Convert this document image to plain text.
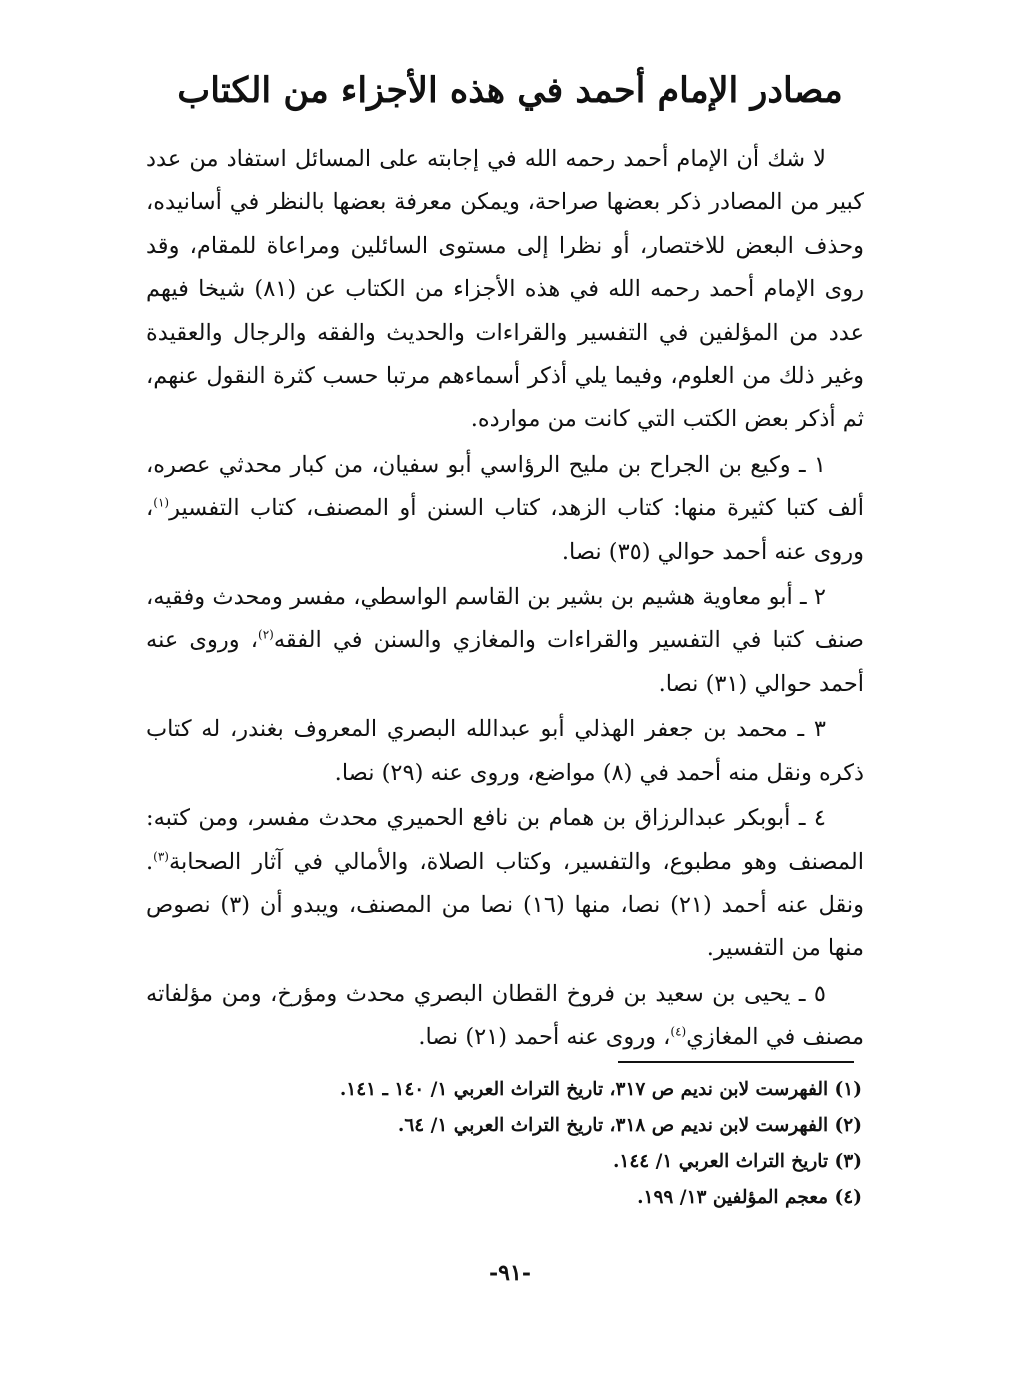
مصادر الإمام أحمد في هذه الأجزاء من الكتاب

لا شك أن الإمام أحمد رحمه الله في إجابته على المسائل استفاد من عدد كبير من المصادر ذكر بعضها صراحة، ويمكن معرفة بعضها بالنظر في أسانيده، وحذف البعض للاختصار، أو نظرا إلى مستوى السائلين ومراعاة للمقام، وقد روى الإمام أحمد رحمه الله في هذه الأجزاء من الكتاب عن (٨١) شيخا فيهم عدد من المؤلفين في التفسير والقراءات والحديث والفقه والرجال والعقيدة وغير ذلك من العلوم، وفيما يلي أذكر أسماءهم مرتبا حسب كثرة النقول عنهم، ثم أذكر بعض الكتب التي كانت من موارده.

١ ـ وكيع بن الجراح بن مليح الرؤاسي أبو سفيان، من كبار محدثي عصره، ألف كتبا كثيرة منها: كتاب الزهد، كتاب السنن أو المصنف، كتاب التفسير$^{(١)}$، وروى عنه أحمد حوالي (٣٥) نصا.

٢ ـ أبو معاوية هشيم بن بشير بن القاسم الواسطي، مفسر ومحدث وفقيه، صنف كتبا في التفسير والقراءات والمغازي والسنن في الفقه$^{(٢)}$، وروى عنه أحمد حوالي (٣١) نصا.

٣ ـ محمد بن جعفر الهذلي أبو عبدالله البصري المعروف بغندر، له كتاب ذكره ونقل منه أحمد في (٨) مواضع، وروى عنه (٢٩) نصا.

٤ ـ أبوبكر عبدالرزاق بن همام بن نافع الحميري محدث مفسر، ومن كتبه: المصنف وهو مطبوع، والتفسير، وكتاب الصلاة، والأمالي في آثار الصحابة$^{(٣)}$. ونقل عنه أحمد (٢١) نصا، منها (١٦) نصا من المصنف، ويبدو أن (٣) نصوص منها من التفسير.

٥ ـ يحيى بن سعيد بن فروخ القطان البصري محدث ومؤرخ، ومن مؤلفاته مصنف في المغازي$^{(٤)}$، وروى عنه أحمد (٢١) نصا.

(١) الفهرست لابن نديم ص ٣١٧، تاريخ التراث العربي ١/ ١٤٠ ـ ١٤١.
(٢) الفهرست لابن نديم ص ٣١٨، تاريخ التراث العربي ١/ ٦٤.
(٣) تاريخ التراث العربي ١/ ١٤٤.
(٤) معجم المؤلفين ١٣/ ١٩٩.
-٩١-
